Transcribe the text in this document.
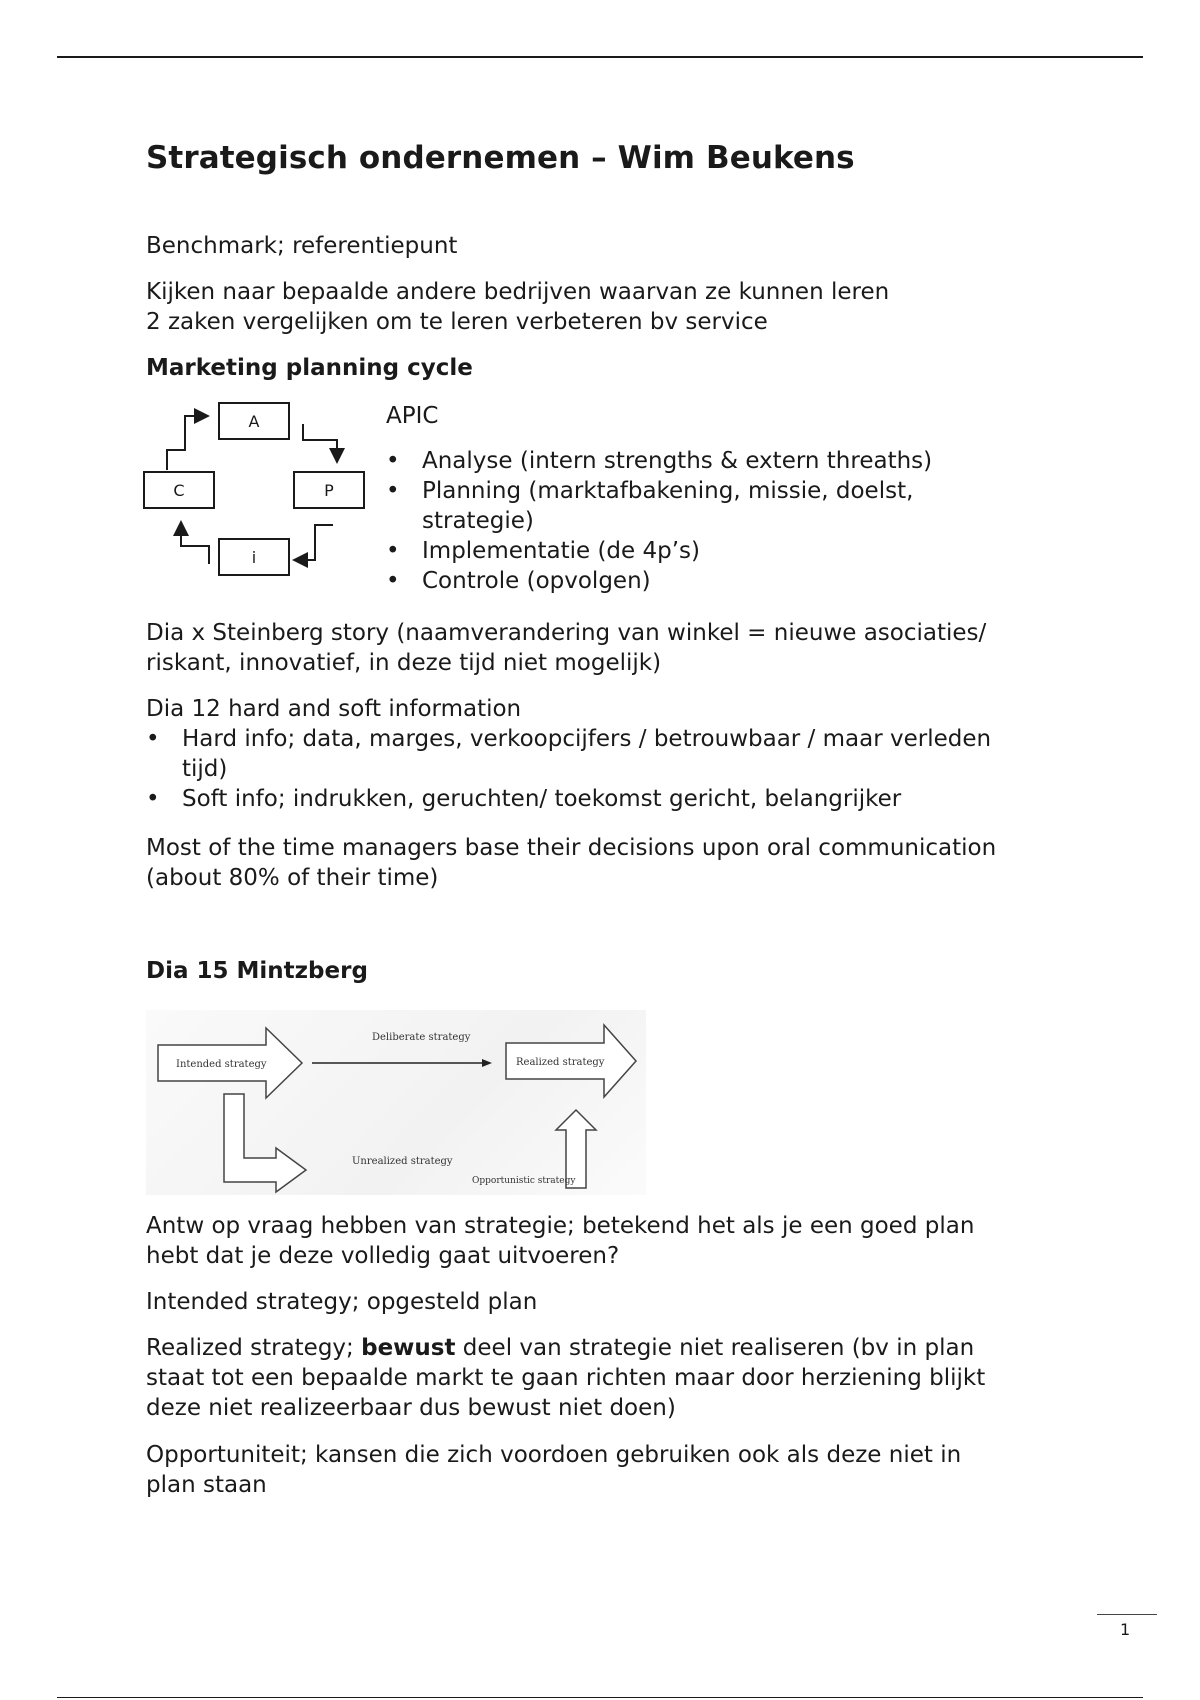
Strategisch ondernemen – Wim Beukens

Benchmark; referentiepunt

Kijken naar bepaalde andere bedrijven waarvan ze kunnen leren

2 zaken vergelijken om te leren verbeteren bv service

Marketing planning cycle

A
C	P
i

APIC

• Analyse (intern strengths & extern threaths)
• Planning (marktafbakening, missie, doelst,
strategie)
• Implementatie (de 4p’s)
• Controle (opvolgen)

Dia x Steinberg story (naamverandering van winkel = nieuwe asociaties/

riskant, innovatief, in deze tijd niet mogelijk)

Dia 12 hard and soft information

• Hard info; data, marges, verkoopcijfers / betrouwbaar / maar verleden
tijd)
• Soft info; indrukken, geruchten/ toekomst gericht, belangrijker

Most of the time managers base their decisions upon oral communication

(about 80% of their time)

Dia 15 Mintzberg

Deliberate strategy
Intended strategy	Realized strategy
Unrealized strategy
Opportunistic strategy

Antw op vraag hebben van strategie; betekend het als je een goed plan

hebt dat je deze volledig gaat uitvoeren?

Intended strategy; opgesteld plan

Realized strategy; bewust deel van strategie niet realiseren (bv in plan

staat tot een bepaalde markt te gaan richten maar door herziening blijkt

deze niet realizeerbaar dus bewust niet doen)

Opportuniteit; kansen die zich voordoen gebruiken ook als deze niet in

plan staan

1
